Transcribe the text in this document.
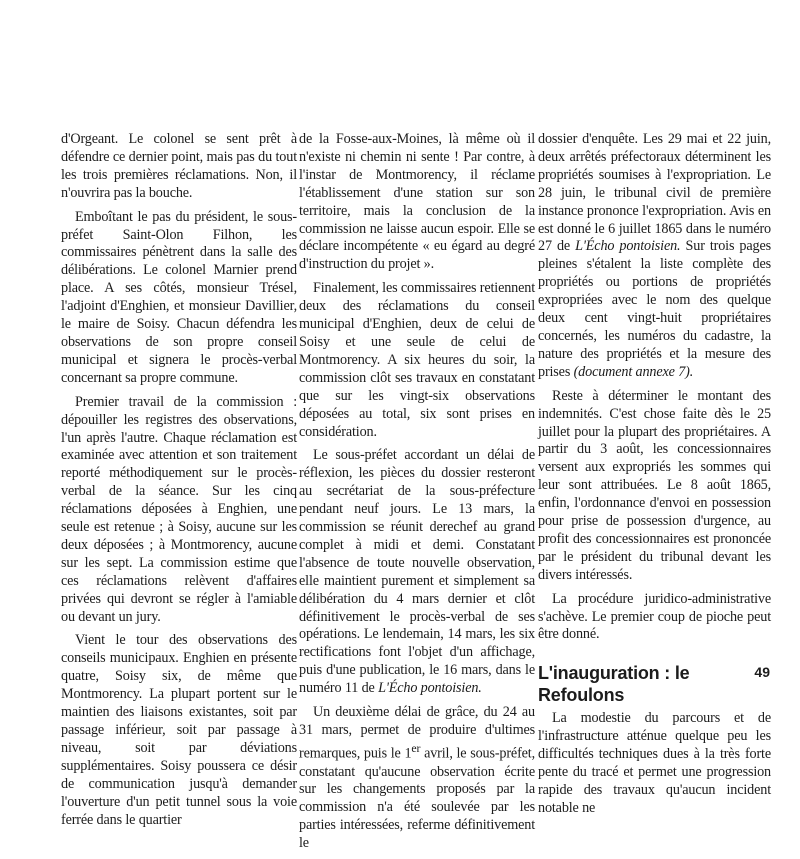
d'Orgeant. Le colonel se sent prêt à défendre ce dernier point, mais pas du tout les trois premières réclamations. Non, il n'ouvrira pas la bouche.

Emboîtant le pas du président, le sous-préfet Saint-Olon Filhon, les commissaires pénètrent dans la salle des délibérations. Le colonel Marnier prend place. A ses côtés, monsieur Trésel, l'adjoint d'Enghien, et monsieur Davillier, le maire de Soisy. Chacun défendra les observations de son propre conseil municipal et signera le procès-verbal concernant sa propre commune.

Premier travail de la commission : dépouiller les registres des observations, l'un après l'autre. Chaque réclamation est examinée avec attention et son traitement reporté méthodiquement sur le procès-verbal de la séance. Sur les cinq réclamations déposées à Enghien, une seule est retenue ; à Soisy, aucune sur les deux déposées ; à Montmorency, aucune sur les sept. La commission estime que ces réclamations relèvent d'affaires privées qui devront se régler à l'amiable ou devant un jury.

Vient le tour des observations des conseils municipaux. Enghien en présente quatre, Soisy six, de même que Montmorency. La plupart portent sur le maintien des liaisons existantes, soit par passage inférieur, soit par passage à niveau, soit par déviations supplémentaires. Soisy poussera ce désir de communication jusqu'à demander l'ouverture d'un petit tunnel sous la voie ferrée dans le quartier

de la Fosse-aux-Moines, là même où il n'existe ni chemin ni sente ! Par contre, à l'instar de Montmorency, il réclame l'établissement d'une station sur son territoire, mais la conclusion de la commission ne laisse aucun espoir. Elle se déclare incompétente « eu égard au degré d'instruction du projet ».

Finalement, les commissaires retiennent deux des réclamations du conseil municipal d'Enghien, deux de celui de Soisy et une seule de celui de Montmorency. A six heures du soir, la commission clôt ses travaux en constatant que sur les vingt-six observations déposées au total, six sont prises en considération.

Le sous-préfet accordant un délai de réflexion, les pièces du dossier resteront au secrétariat de la sous-préfecture pendant neuf jours. Le 13 mars, la commission se réunit derechef au grand complet à midi et demi. Constatant l'absence de toute nouvelle observation, elle maintient purement et simplement sa délibération du 4 mars dernier et clôt définitivement le procès-verbal de ses opérations. Le lendemain, 14 mars, les six rectifications font l'objet d'un affichage, puis d'une publication, le 16 mars, dans le numéro 11 de L'Écho pontoisien.

Un deuxième délai de grâce, du 24 au 31 mars, permet de produire d'ultimes remarques, puis le 1er avril, le sous-préfet, constatant qu'aucune observation écrite sur les changements proposés par la commission n'a été soulevée par les parties intéressées, referme définitivement le

dossier d'enquête. Les 29 mai et 22 juin, deux arrêtés préfectoraux déterminent les propriétés soumises à l'expropriation. Le 28 juin, le tribunal civil de première instance prononce l'expropriation. Avis en est donné le 6 juillet 1865 dans le numéro 27 de L'Écho pontoisien. Sur trois pages pleines s'étalent la liste complète des propriétés ou portions de propriétés expropriées avec le nom des quelque deux cent vingt-huit propriétaires concernés, les numéros du cadastre, la nature des propriétés et la mesure des prises (document annexe 7).

Reste à déterminer le montant des indemnités. C'est chose faite dès le 25 juillet pour la plupart des propriétaires. A partir du 3 août, les concessionnaires versent aux expropriés les sommes qui leur sont attribuées. Le 8 août 1865, enfin, l'ordonnance d'envoi en possession pour prise de possession d'urgence, au profit des concessionnaires est prononcée par le président du tribunal devant les divers intéressés.

La procédure juridico-administrative s'achève. Le premier coup de pioche peut être donné.

L'inauguration : le Refoulons

La modestie du parcours et de l'infrastructure atténue quelque peu les difficultés techniques dues à la très forte pente du tracé et permet une progression rapide des travaux qu'aucun incident notable ne

49
